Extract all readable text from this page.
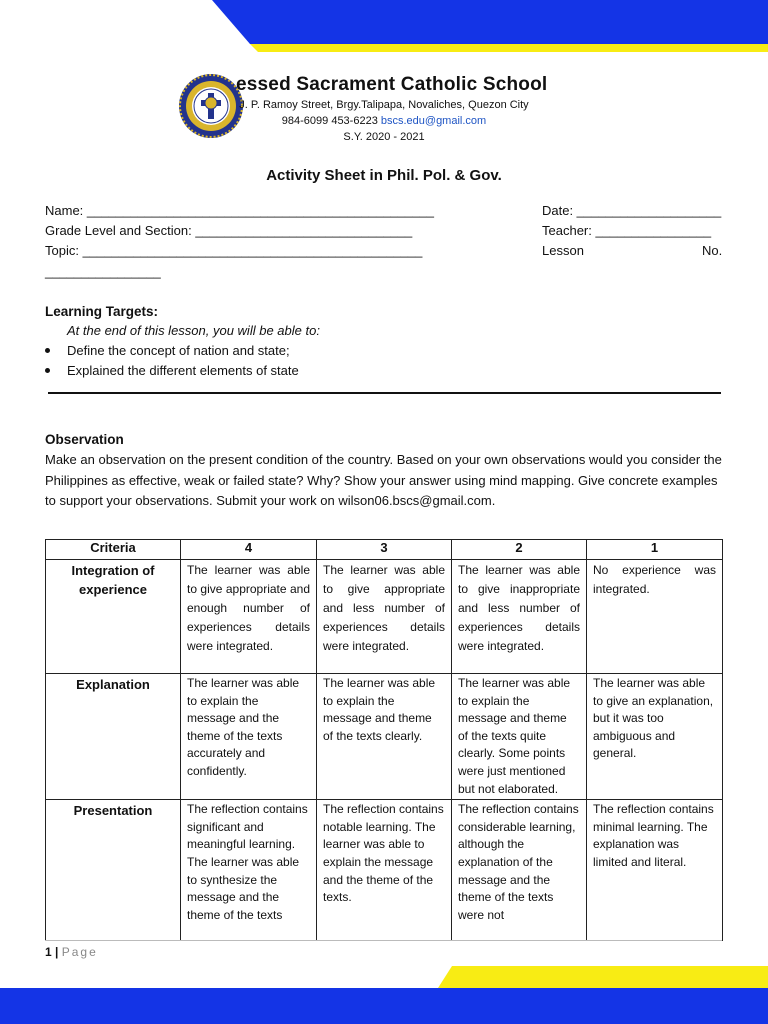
essed Sacrament Catholic School
J. P. Ramoy Street, Brgy.Talipapa, Novaliches, Quezon City
984-6099 453-6223 bscs.edu@gmail.com
S.Y. 2020 - 2021
Activity Sheet in Phil. Pol. & Gov.
Name: ________________________________________________
Grade Level and Section: ______________________________
Topic: _______________________________________________
________________
Date: ____________________
Teacher: ________________
Lesson	No.
Learning Targets:
At the end of this lesson, you will be able to:
Define the concept of nation and state;
Explained the different elements of state
Observation
Make an observation on the present condition of the country. Based on your own observations would you consider the Philippines as effective, weak or failed state? Why? Show your answer using mind mapping. Give concrete examples to support your observations. Submit your work on wilson06.bscs@gmail.com.
Criteria	4	3	2	1
Integration of experience	The learner was able to give appropriate and enough number of experiences details were integrated.	The learner was able to give appropriate and less number of experiences details were integrated.	The learner was able to give inappropriate and less number of experiences details were integrated.	No experience was integrated.
Explanation	The learner was able to explain the message and the theme of the texts accurately and confidently.	The learner was able to explain the message and theme of the texts clearly.	The learner was able to explain the message and theme of the texts quite clearly. Some points were just mentioned but not elaborated.	The learner was able to give an explanation, but it was too ambiguous and general.

Presentation	The reflection contains significant and meaningful learning. The learner was able to synthesize the message and the theme of the texts	The reflection contains notable learning. The learner was able to explain the message and the theme of the texts.	The reflection contains considerable learning, although the explanation of the message and the theme of the texts were not	The reflection contains minimal learning. The explanation was limited and literal.
1 | Page
